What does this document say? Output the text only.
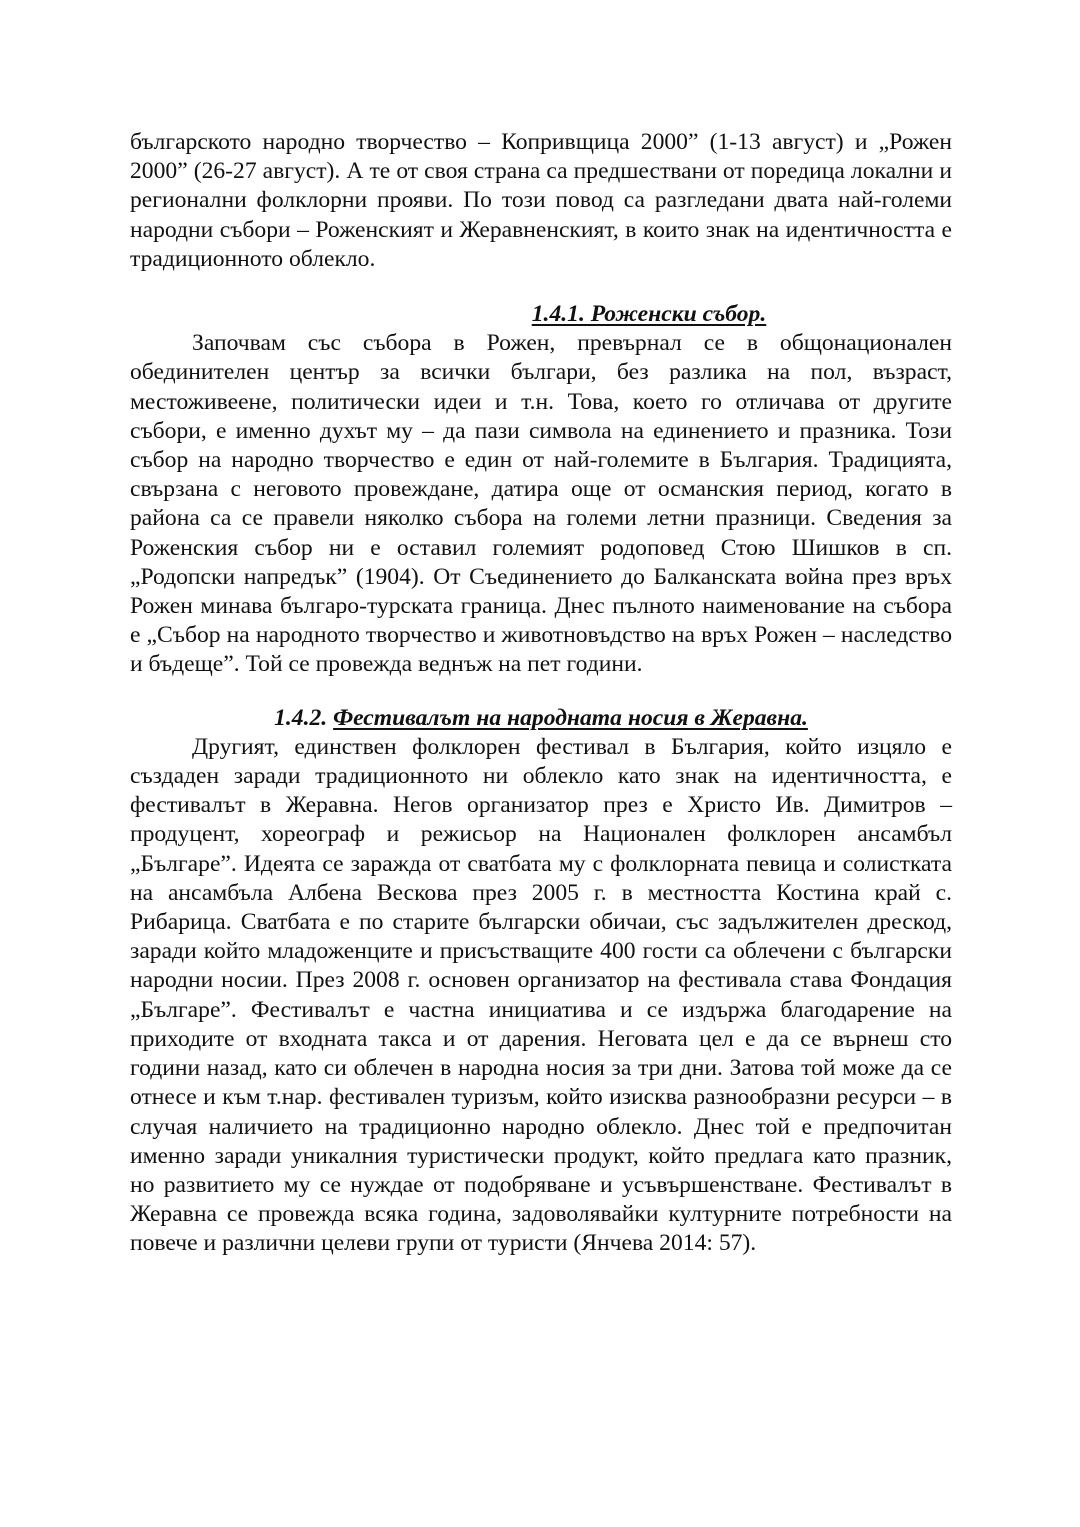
българското народно творчество – Копривщица 2000” (1-13 август) и „Рожен 2000” (26-27 август). А те от своя страна са предшествани от поредица локални и регионални фолклорни прояви. По този повод са разгледани двата най-големи народни събори – Роженският и Жеравненският, в които знак на идентичността е традиционното облекло.

1.4.1. Роженски събор.

Започвам със събора в Рожен, превърнал се в общонационален обединителен център за всички българи, без разлика на пол, възраст, местоживеене, политически идеи и т.н. Това, което го отличава от другите събори, е именно духът му – да пази символа на единението и празника. Този събор на народно творчество е един от най-големите в България. Традицията, свързана с неговото провеждане, датира още от османския период, когато в района са се правели няколко събора на големи летни празници. Сведения за Роженския събор ни е оставил големият родоповед Стою Шишков в сп. „Родопски напредък” (1904). От Съединението до Балканската война през връх Рожен минава българо-турската граница. Днес пълното наименование на събора е „Събор на народното творчество и животновъдство на връх Рожен – наследство и бъдеще”. Той се провежда веднъж на пет години.

1.4.2. Фестивалът на народната носия в Жеравна.

Другият, единствен фолклорен фестивал в България, който изцяло е създаден заради традиционното ни облекло като знак на идентичността, е фестивалът в Жеравна. Негов организатор през е Христо Ив. Димитров – продуцент, хореограф и режисьор на Национален фолклорен ансамбъл „Българе”. Идеята се заражда от сватбата му с фолклорната певица и солистката на ансамбъла Албена Вескова през 2005 г. в местността Костина край с. Рибарица. Сватбата е по старите български обичаи, със задължителен дрескод, заради който младоженците и присъстващите 400 гости са облечени с български народни носии. През 2008 г. основен организатор на фестивала става Фондация „Българе”. Фестивалът е частна инициатива и се издържа благодарение на приходите от входната такса и от дарения. Неговата цел е да се върнеш сто години назад, като си облечен в народна носия за три дни. Затова той може да се отнесе и към т.нар. фестивален туризъм, който изисква разнообразни ресурси – в случая наличието на традиционно народно облекло. Днес той е предпочитан именно заради уникалния туристически продукт, който предлага като празник, но развитието му се нуждае от подобряване и усъвършенстване. Фестивалът в Жеравна се провежда всяка година, задоволявайки културните потребности на повече и различни целеви групи от туристи (Янчева 2014: 57).
